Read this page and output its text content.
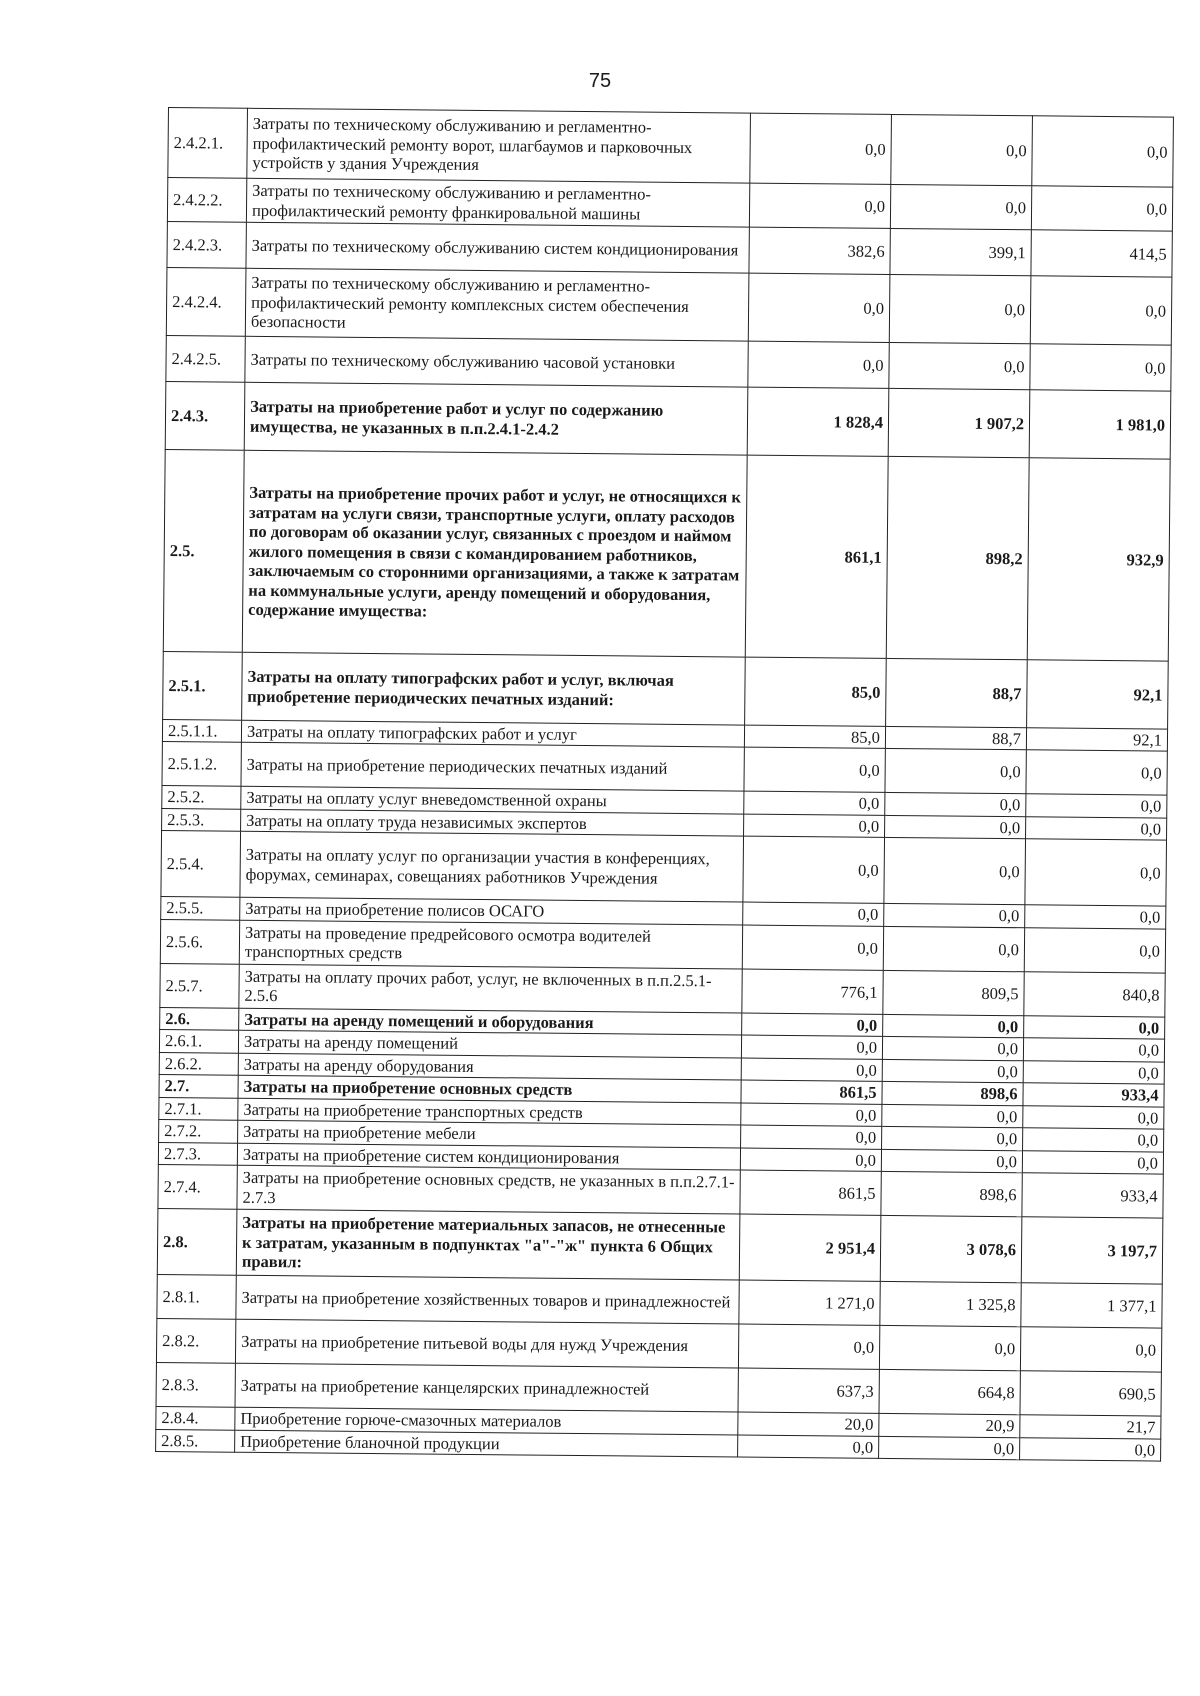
75
2.4.2.1.	Затраты по техническому обслуживанию и регламентно-профилактический ремонту ворот, шлагбаумов и парковочных устройств у здания Учреждения	0,0	0,0	0,0
2.4.2.2.	Затраты по техническому обслуживанию и регламентно-профилактический ремонту франкировальной машины	0,0	0,0	0,0
2.4.2.3.	Затраты по техническому обслуживанию систем кондиционирования	382,6	399,1	414,5
2.4.2.4.	Затраты по техническому обслуживанию и регламентно-профилактический ремонту комплексных систем обеспечения безопасности	0,0	0,0	0,0
2.4.2.5.	Затраты по техническому обслуживанию часовой установки	0,0	0,0	0,0
2.4.3.	Затраты на приобретение работ и услуг по содержанию имущества, не указанных в п.п.2.4.1-2.4.2	1 828,4	1 907,2	1 981,0
2.5.	Затраты на приобретение прочих работ и услуг, не относящихся к затратам на услуги связи, транспортные услуги, оплату расходов по договорам об оказании услуг, связанных с проездом и наймом жилого помещения в связи с командированием работников, заключаемым со сторонними организациями, а также к затратам на коммунальные услуги, аренду помещений и оборудования, содержание имущества:	861,1	898,2	932,9
2.5.1.	Затраты на оплату типографских работ и услуг, включая приобретение периодических печатных изданий:	85,0	88,7	92,1
2.5.1.1.	Затраты на оплату типографских работ и услуг	85,0	88,7	92,1
2.5.1.2.	Затраты на приобретение периодических печатных изданий	0,0	0,0	0,0
2.5.2.	Затраты на оплату услуг вневедомственной охраны	0,0	0,0	0,0
2.5.3.	Затраты на оплату труда независимых экспертов	0,0	0,0	0,0
2.5.4.	Затраты на оплату услуг по организации участия в конференциях, форумах, семинарах, совещаниях работников Учреждения	0,0	0,0	0,0
2.5.5.	Затраты на приобретение полисов ОСАГО	0,0	0,0	0,0
2.5.6.	Затраты на проведение предрейсового осмотра водителей транспортных средств	0,0	0,0	0,0
2.5.7.	Затраты на оплату прочих работ, услуг, не включенных в п.п.2.5.1-2.5.6	776,1	809,5	840,8
2.6.	Затраты на аренду помещений и оборудования	0,0	0,0	0,0
2.6.1.	Затраты на аренду помещений	0,0	0,0	0,0
2.6.2.	Затраты на аренду оборудования	0,0	0,0	0,0
2.7.	Затраты на приобретение основных средств	861,5	898,6	933,4
2.7.1.	Затраты на приобретение транспортных средств	0,0	0,0	0,0
2.7.2.	Затраты на приобретение мебели	0,0	0,0	0,0
2.7.3.	Затраты на приобретение систем кондиционирования	0,0	0,0	0,0
2.7.4.	Затраты на приобретение основных средств, не указанных в п.п.2.7.1-2.7.3	861,5	898,6	933,4
2.8.	Затраты на приобретение материальных запасов, не отнесенные к затратам, указанным в подпунктах "а"-"ж" пункта 6 Общих правил:	2 951,4	3 078,6	3 197,7
2.8.1.	Затраты на приобретение хозяйственных товаров и принадлежностей	1 271,0	1 325,8	1 377,1
2.8.2.	Затраты на приобретение питьевой воды для нужд Учреждения	0,0	0,0	0,0
2.8.3.	Затраты на приобретение канцелярских принадлежностей	637,3	664,8	690,5
2.8.4.	Приобретение горюче-смазочных материалов	20,0	20,9	21,7
2.8.5.	Приобретение бланочной продукции	0,0	0,0	0,0
